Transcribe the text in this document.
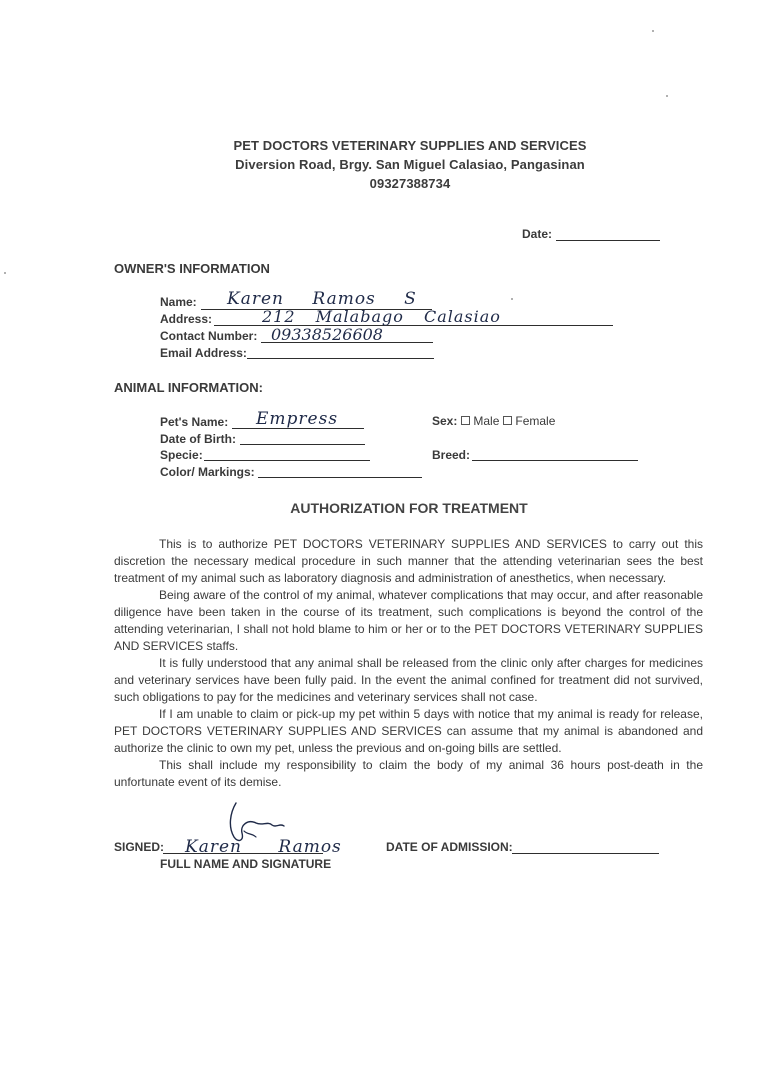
PET DOCTORS VETERINARY SUPPLIES AND SERVICES
Diversion Road, Brgy. San Miguel Calasiao, Pangasinan
09327388734
Date:
OWNER'S INFORMATION
Name: Karen Ramos S
Address:	212 Malabago Calasiao
Contact Number: 09338526608
Email Address:
ANIMAL INFORMATION:
Pet's Name: Empress
Date of Birth:
Specie:
Color/ Markings:
Sex: Male Female
Breed:
AUTHORIZATION FOR TREATMENT

This is to authorize PET DOCTORS VETERINARY SUPPLIES AND SERVICES to carry out this discretion the necessary medical procedure in such manner that the attending veterinarian sees the best treatment of my animal such as laboratory diagnosis and administration of anesthetics, when necessary.

Being aware of the control of my animal, whatever complications that may occur, and after reasonable diligence have been taken in the course of its treatment, such complications is beyond the control of the attending veterinarian, I shall not hold blame to him or her or to the PET DOCTORS VETERINARY SUPPLIES AND SERVICES staffs.

It is fully understood that any animal shall be released from the clinic only after charges for medicines and veterinary services have been fully paid. In the event the animal confined for treatment did not survived, such obligations to pay for the medicines and veterinary services shall not case.

If I am unable to claim or pick-up my pet within 5 days with notice that my animal is ready for release, PET DOCTORS VETERINARY SUPPLIES AND SERVICES can assume that my animal is abandoned and authorize the clinic to own my pet, unless the previous and on-going bills are settled.

This shall include my responsibility to claim the body of my animal 36 hours post-death in the unfortunate event of its demise.

SIGNED: Karen Ramos
FULL NAME AND SIGNATURE
DATE OF ADMISSION:
